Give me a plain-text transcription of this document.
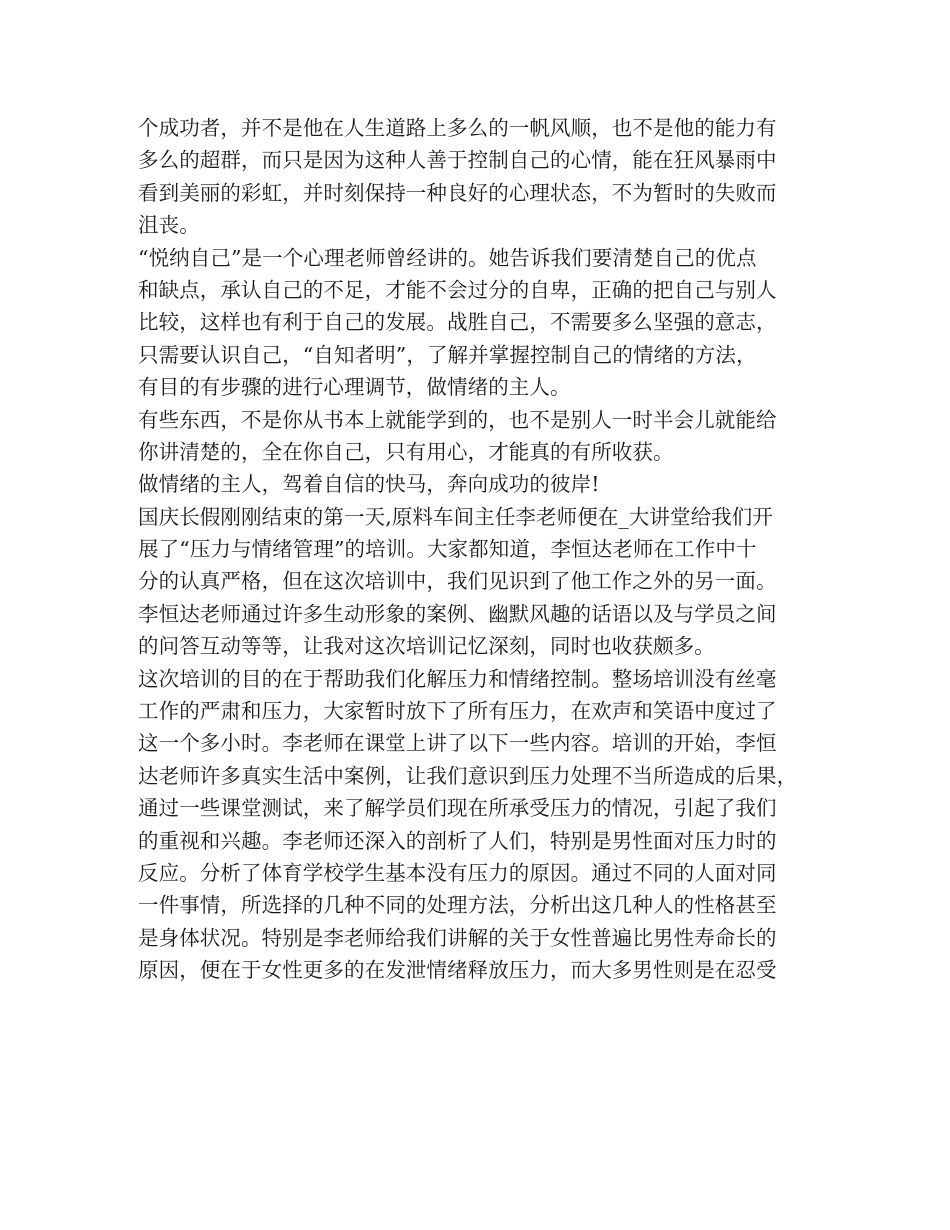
个成功者，并不是他在人生道路上多么的一帆风顺，也不是他的能力有
多么的超群，而只是因为这种人善于控制自己的心情，能在狂风暴雨中
看到美丽的彩虹，并时刻保持一种良好的心理状态，不为暂时的失败而
沮丧。
“悦纳自己”是一个心理老师曾经讲的。她告诉我们要清楚自己的优点
和缺点，承认自己的不足，才能不会过分的自卑，正确的把自己与别人
比较，这样也有利于自己的发展。战胜自己，不需要多么坚强的意志，
只需要认识自己，“自知者明”，了解并掌握控制自己的情绪的方法，
有目的有步骤的进行心理调节，做情绪的主人。
有些东西，不是你从书本上就能学到的，也不是别人一时半会儿就能给
你讲清楚的，全在你自己，只有用心，才能真的有所收获。
做情绪的主人，驾着自信的快马，奔向成功的彼岸!
国庆长假刚刚结束的第一天,原料车间主任李老师便在_大讲堂给我们开
展了“压力与情绪管理”的培训。大家都知道，李恒达老师在工作中十
分的认真严格，但在这次培训中，我们见识到了他工作之外的另一面。
李恒达老师通过许多生动形象的案例、幽默风趣的话语以及与学员之间
的问答互动等等，让我对这次培训记忆深刻，同时也收获颇多。
这次培训的目的在于帮助我们化解压力和情绪控制。整场培训没有丝毫
工作的严肃和压力，大家暂时放下了所有压力，在欢声和笑语中度过了
这一个多小时。李老师在课堂上讲了以下一些内容。培训的开始，李恒
达老师许多真实生活中案例，让我们意识到压力处理不当所造成的后果，
通过一些课堂测试，来了解学员们现在所承受压力的情况，引起了我们
的重视和兴趣。李老师还深入的剖析了人们，特别是男性面对压力时的
反应。分析了体育学校学生基本没有压力的原因。通过不同的人面对同
一件事情，所选择的几种不同的处理方法，分析出这几种人的性格甚至
是身体状况。特别是李老师给我们讲解的关于女性普遍比男性寿命长的
原因，便在于女性更多的在发泄情绪释放压力，而大多男性则是在忍受
